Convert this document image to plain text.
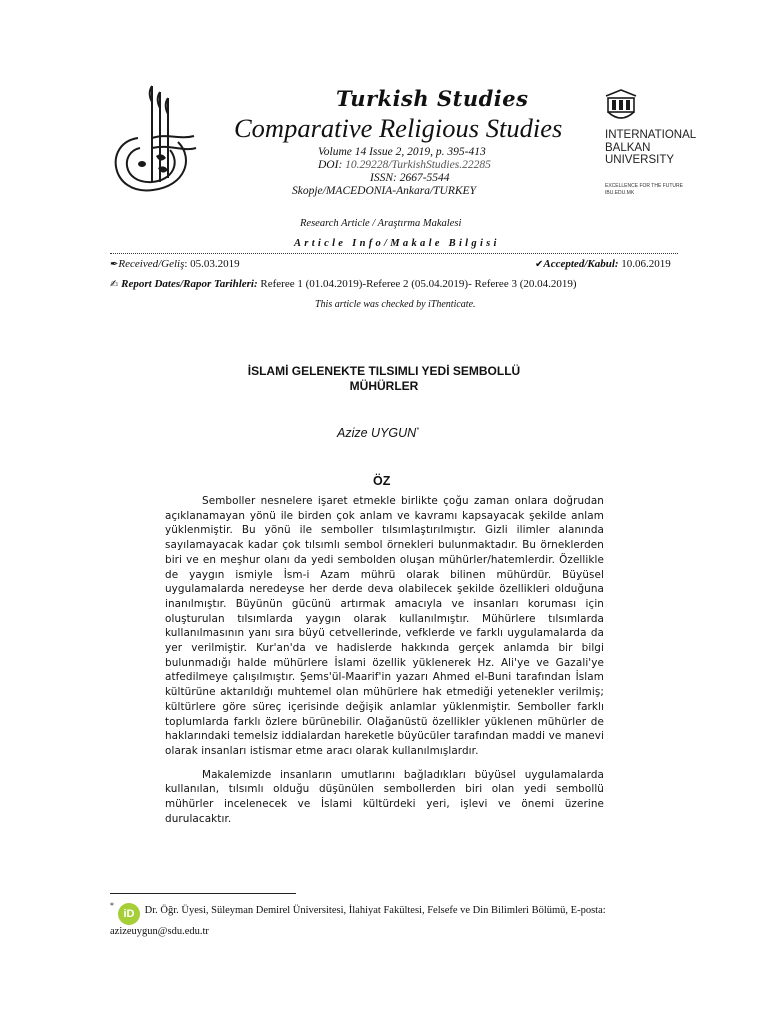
Turkish Studies
Comparative Religious Studies
Volume 14 Issue 2, 2019, p. 395-413
DOI: 10.29228/TurkishStudies.22285
ISSN: 2667-5544
Skopje/MACEDONIA-Ankara/TURKEY
INTERNATIONAL
BALKAN
UNIVERSITY
EXCELLENCE FOR THE FUTURE
IBU.EDU.MK
Research Article / Araştırma Makalesi
Article Info/Makale Bilgisi
✒Received/Geliş: 05.03.2019	✔Accepted/Kabul: 10.06.2019
✍ Report Dates/Rapor Tarihleri: Referee 1 (01.04.2019)-Referee 2 (05.04.2019)- Referee 3 (20.04.2019)
This article was checked by iThenticate.
İSLAMİ GELENEKTE TILSIMLI YEDİ SEMBOLLÜ
MÜHÜRLER
Azize UYGUN*
ÖZ

Semboller nesnelere işaret etmekle birlikte çoğu zaman onlara doğrudan açıklanamayan yönü ile birden çok anlam ve kavramı kapsayacak şekilde anlam yüklenmiştir. Bu yönü ile semboller tılsımlaştırılmıştır. Gizli ilimler alanında sayılamayacak kadar çok tılsımlı sembol örnekleri bulunmaktadır. Bu örneklerden biri ve en meşhur olanı da yedi sembolden oluşan mühürler/hatemlerdir. Özellikle de yaygın ismiyle İsm-i Azam mührü olarak bilinen mühürdür. Büyüsel uygulamalarda neredeyse her derde deva olabilecek şekilde özellikleri olduğuna inanılmıştır. Büyünün gücünü artırmak amacıyla ve insanları koruması için oluşturulan tılsımlarda yaygın olarak kullanılmıştır. Mühürlere tılsımlarda kullanılmasının yanı sıra büyü cetvellerinde, vefklerde ve farklı uygulamalarda da yer verilmiştir. Kur'an'da ve hadislerde hakkında gerçek anlamda bir bilgi bulunmadığı halde mühürlere İslami özellik yüklenerek Hz. Ali'ye ve Gazali'ye atfedilmeye çalışılmıştır. Şems'ül-Maarif'in yazarı Ahmed el-Buni tarafından İslam kültürüne aktarıldığı muhtemel olan mühürlere hak etmediği yetenekler verilmiş; kültürlere göre süreç içerisinde değişik anlamlar yüklenmiştir. Semboller farklı toplumlarda farklı özlere bürünebilir. Olağanüstü özellikler yüklenen mühürler de haklarındaki temelsiz iddialardan hareketle büyücüler tarafından maddi ve manevi olarak insanları istismar etme aracı olarak kullanılmışlardır.

Makalemizde insanların umutlarını bağladıkları büyüsel uygulamalarda kullanılan, tılsımlı olduğu düşünülen sembollerden biri olan yedi sembollü mühürler incelenecek ve İslami kültürdeki yeri, işlevi ve önemi üzerine durulacaktır.

*iD Dr. Öğr. Üyesi, Süleyman Demirel Üniversitesi, İlahiyat Fakültesi, Felsefe ve Din Bilimleri Bölümü, E-posta:
azizeuygun@sdu.edu.tr
